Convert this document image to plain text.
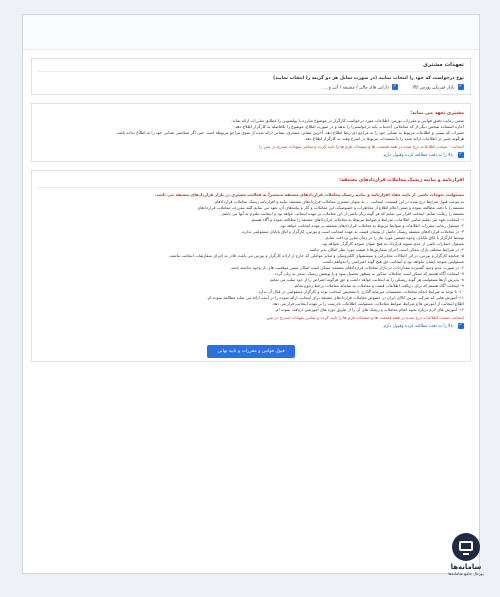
تعهدات مشتری
نوع درخواست که خود را انتخاب نمایید (در صورت تمایل هر دو گزینه را انتخاب نمایید)
✓ بازار فیزیکی بورس کالا
✓ دارایی های مالی / مشتقه / آتی و ...
مشتری تعهد می نماید:

ضمن رعایت دقیق قوانین و مقررات بورس، اطلاعات مورد درخواست کارگزار در موضوع مبارزه با پولشویی را مطابق مقررات ارائه نماید.

اجازه استفاده شخص دیگر از کد معاملاتی (خدمات پایه درخواستی) را ندهد و در صورت اطلاع، موضوع را بلافاصله به کارگزار اطلاع دهد.

تغییرات که پستی و اطلاعات مربوط به نشانی خود را به مراجع ذی ربط اطلاع دهد. آخرین نشانی مشتری، نشانی ارائه شده از سوی مراجع مربوطه است حتی اگر متقاضی نشانی خود را به اطلاع نداده باشد.

هرگونه تغییر در اطلاعات ارائه شده را با مستندات مربوط در اسرع وقت به کارگزار اطلاع دهد.

اینجانب : صحت اطلاعات درج شده در همه قسمت ها و صفحات فرم ها را تایید کرده و تمامی تعهدات مندرج در متن را
✓
بالا را به دقت مطالعه کرده وقبول دارم
افزارنامه و بیانیه ریسک معاملات قراردادهای مشتقه:

مسئولیت تعهدات ناشی از تایید مفاد افزارنامه و بیانیه ریسک معاملات قراردادهای مشتقه منحصراً به فعالیت مشتری در بازار قراردادهای مشتقه می باشد.

به موجب قبول شرایط درج شده در این قسمت، اینجانب ... به عنوان مشتری معاملات قراردادهای مشتقه، بیانیه و افزارنامه ریسک معاملات قراردادهای

مشتقه را با دقت مطالعه نموده و ضمن اعلام اطلاع از مخاطرات و خصوصیات این معاملات و آثار و پیامدهای آن، تعهد می نمایم کلیه مقررات معاملات قراردادهای

مشتقه را رعایت نمایم. اینجانب اقرار می نمایم که هر گونه زیان ناشی از این معاملات بر عهده اینجانب خواهد بود و اینجانب ملتزم به آنها می باشم.

۱- اینجانب تعهد می نمایم تمامی اطلاعات، شرایط و ضوابط مربوط به معاملات قراردادهای مشتقه را مطالعه نموده و آگاه هستم.

۲- مسئول رعایت مقررات اطلاعات و ضوابط مربوط به معاملات قراردادهای مشتقه بر عهده اینجانب خواهد بود.

۳- در معاملات قراردادهای مشتقه ریسک حاصل از نوسان قیمت به عهده اینجانب است و بورس، کارگزار و اتاق پایاپای مسئولیتی ندارند.

توسط کارگزار یا اتاق پایاپای، وجوه تضمین مورد نیاز را در زمان مقرر پرداخت نمایم.

مسئول خسارات ناشی از عدم تسویه قرارداد، به هیچ عنوان متوجه کارگزار نخواهد بود.

۴- در شرایط مختلف بازار، ممکن است اجرای سفارش‌ها با قیمت مورد نظر امکان پذیر نباشد.

۵- چنانچه کارگزار و بورس، در اثر اختلالات مخابراتی و سیستمهای الکترونیکی و سایر عواملی که خارج از اراده کارگزار و بورس می باشد، قادر به اجرای سفارشات اینجانب نباشند،

مسئولیتی متوجه ایشان نخواهد بود و اینجانب حق هیچ گونه اعتراضی را نخواهم داشت.

۶- در صورت عدم وجود گسترده مقداردادن در بازار معاملات قراردادهای مشتقه، ممکن است امکان بستن موقعیت های باز وجود نداشته باشد.

۷- اینجانب آگاه هستم که ممکن است معاملات مذکور به منظور تحصیل سود و یا پوشش ریسک، منجر به زیان گردد.

۸- پذیرش آن‌ها مسئولیت هر گونه ریسکی را به اینجانب خواهد داشت و حق هرگونه اعتراض را از خود سلب می نمایم.

۹- اینجانب آگاه هستم که برای دریافت اطلاعات قیمت و معاملات به سامانه معاملات برخط رجوع نمایم.

۱۰- با توجه به شرایط انجام معاملات، تصمیمات سرمایه گذاری با تشخیص اینجانب بوده و کارگزار مسئولیتی در قبال آن ندارد.

۱۱- آموزش هایی که شرکت بورس کالای ایران در خصوص معاملات قراردادهای مشتقه برای اینجانب ارائه نموده را در آینده ارائه می نماید مطالعه نموده ام.

اطلاع اینجانب از آموزش ها و شرایط ضوابط معاملات، مسئولیت اطلاعات نادرست را بر عهده اینجانب قرار می دهد.

۱۲- آموزش های لازم درباره نحوه انجام معاملات و ریسک های آن را از طریق دوره های آموزشی دریافت نموده ام.

اینجانب صحت اطلاعات درج شده در همه قسمت ها و صفحات فرم ها را تایید کرده و تمامی تعهدات مندرج در متن
✓
بالا را به دقت مطالعه کرده وقبول دارم
قبول قوانین و مقررات و تایید نهایی
سامانه‌ها
پورتال جامع سامانه‌ها
